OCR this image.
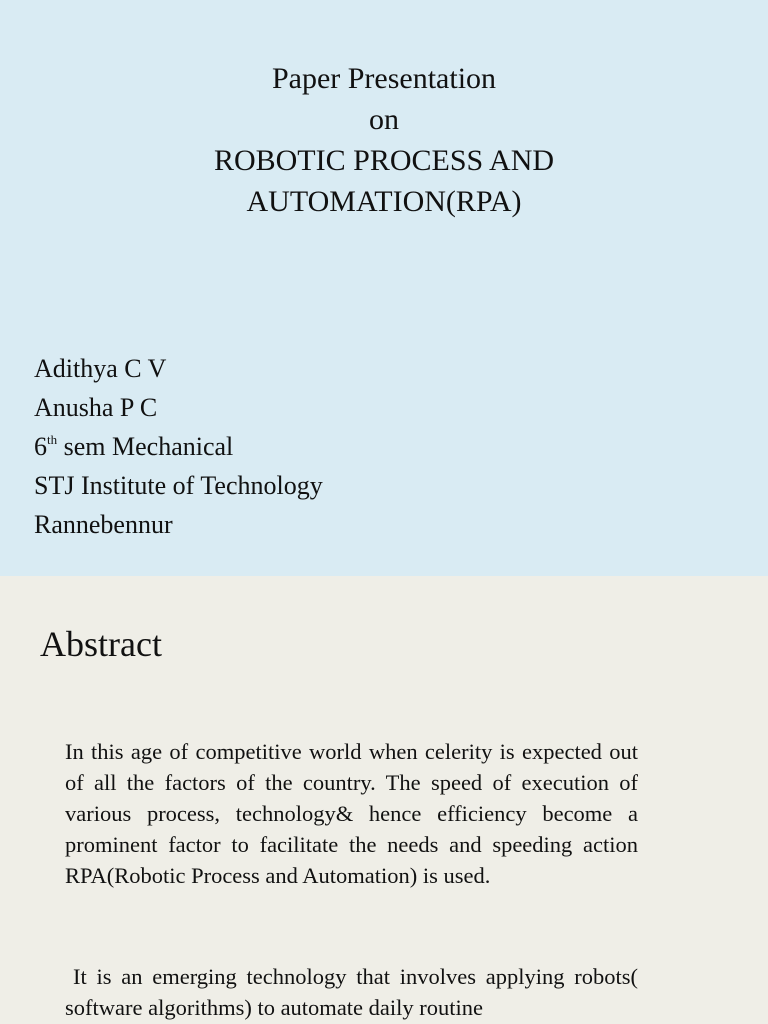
Paper Presentation
on
ROBOTIC PROCESS AND
AUTOMATION(RPA)
Adithya C V
Anusha P C
6th sem Mechanical
STJ Institute of Technology
Rannebennur
Abstract

In this age of competitive world when celerity is expected out of all the factors of the country. The speed of execution of various process, technology& hence efficiency become a prominent factor to facilitate the needs and speeding action RPA(Robotic Process and Automation) is used.

It is an emerging technology that involves applying robots( software algorithms) to automate daily routine
